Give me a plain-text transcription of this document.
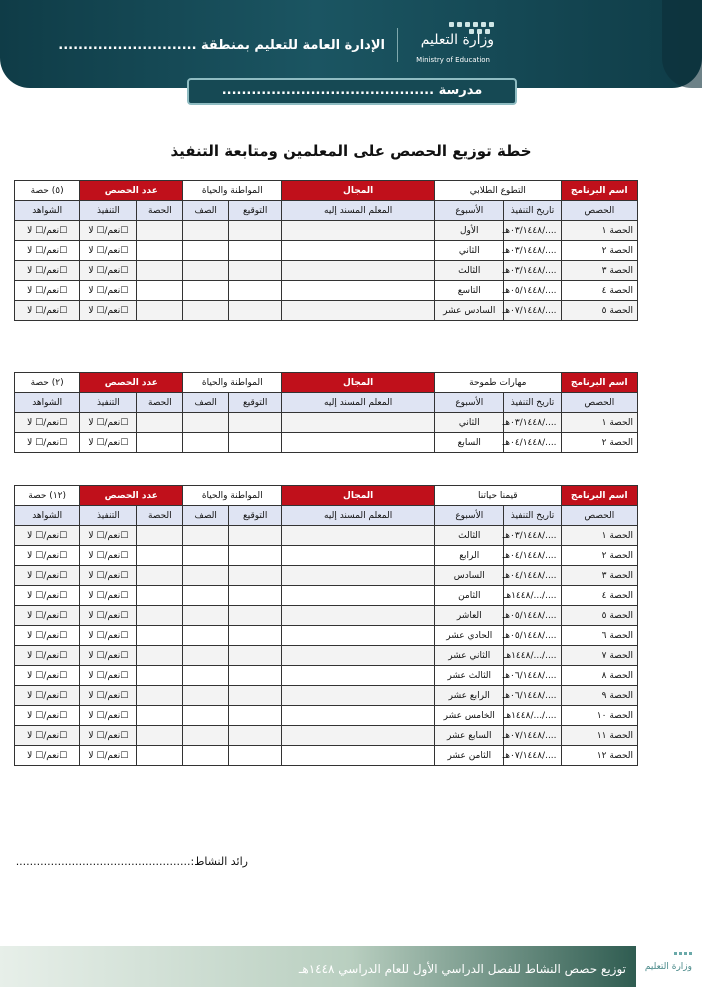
وزارة التعليم
Ministry of Education
الإدارة العامة للتعليم بمنطقة ............................
مدرسة ...........................................
خطة توزيع الحصص على المعلمين ومتابعة التنفيذ
اسم البرنامج	التطوع الطلابي		المجال	المواطنة والحياة		عدد الحصص		(٥) حصة
الحصص	تاريخ التنفيذ	الأسبوع	المعلم المسند إليه	التوقيع	الصف	الحصة	التنفيذ	الشواهد
الحصة ١	..../٠٣/١٤٤٨هـ	الأول					☐نعم/☐ لا	☐نعم/☐ لا
الحصة ٢	..../٠٣/١٤٤٨هـ	الثاني					☐نعم/☐ لا	☐نعم/☐ لا
الحصة ٣	..../٠٣/١٤٤٨هـ	الثالث					☐نعم/☐ لا	☐نعم/☐ لا
الحصة ٤	..../٠٥/١٤٤٨هـ	التاسع					☐نعم/☐ لا	☐نعم/☐ لا
الحصة ٥	..../٠٧/١٤٤٨هـ	السادس عشر					☐نعم/☐ لا	☐نعم/☐ لا
اسم البرنامج	مهارات طموحة		المجال	المواطنة والحياة		عدد الحصص		(٢) حصة
الحصص	تاريخ التنفيذ	الأسبوع	المعلم المسند إليه	التوقيع	الصف	الحصة	التنفيذ	الشواهد
الحصة ١	..../٠٣/١٤٤٨هـ	الثاني					☐نعم/☐ لا	☐نعم/☐ لا
الحصة ٢	..../٠٤/١٤٤٨هـ	السابع					☐نعم/☐ لا	☐نعم/☐ لا
اسم البرنامج	قيمنا حياتنا		المجال	المواطنة والحياة		عدد الحصص		(١٢) حصة
الحصص	تاريخ التنفيذ	الأسبوع	المعلم المسند إليه	التوقيع	الصف	الحصة	التنفيذ	الشواهد
الحصة ١	..../٠٣/١٤٤٨هـ	الثالث					☐نعم/☐ لا	☐نعم/☐ لا
الحصة ٢	..../٠٤/١٤٤٨هـ	الرابع					☐نعم/☐ لا	☐نعم/☐ لا
الحصة ٣	..../٠٤/١٤٤٨هـ	السادس					☐نعم/☐ لا	☐نعم/☐ لا
الحصة ٤	..../.../١٤٤٨هـ	الثامن					☐نعم/☐ لا	☐نعم/☐ لا
الحصة ٥	..../٠٥/١٤٤٨هـ	العاشر					☐نعم/☐ لا	☐نعم/☐ لا
الحصة ٦	..../٠٥/١٤٤٨هـ	الحادي عشر					☐نعم/☐ لا	☐نعم/☐ لا
الحصة ٧	..../.../١٤٤٨هـ	الثاني عشر					☐نعم/☐ لا	☐نعم/☐ لا
الحصة ٨	..../٠٦/١٤٤٨هـ	الثالث عشر					☐نعم/☐ لا	☐نعم/☐ لا
الحصة ٩	..../٠٦/١٤٤٨هـ	الرابع عشر					☐نعم/☐ لا	☐نعم/☐ لا
الحصة ١٠	..../.../١٤٤٨هـ	الخامس عشر					☐نعم/☐ لا	☐نعم/☐ لا
الحصة ١١	..../٠٧/١٤٤٨هـ	السابع عشر					☐نعم/☐ لا	☐نعم/☐ لا
الحصة ١٢	..../٠٧/١٤٤٨هـ	الثامن عشر					☐نعم/☐ لا	☐نعم/☐ لا
رائد النشاط:..................................................
توزيع حصص النشاط للفصل الدراسي الأول للعام الدراسي ١٤٤٨هـ وزارة التعليم
